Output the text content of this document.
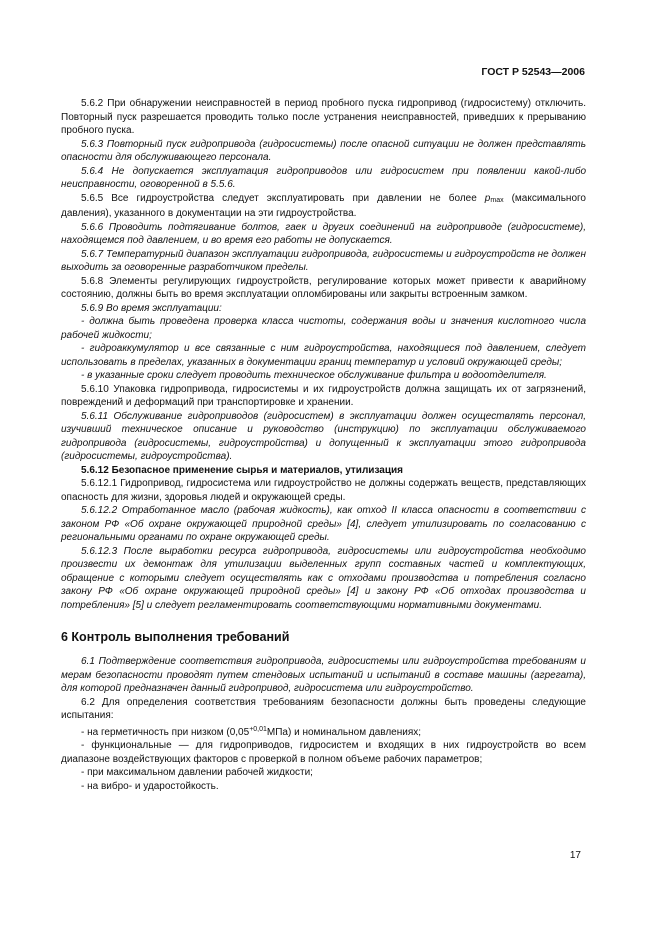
ГОСТ Р 52543—2006

5.6.2 При обнаружении неисправностей в период пробного пуска гидропривод (гидросистему) отключить. Повторный пуск разрешается проводить только после устранения неисправностей, приведших к прерыванию пробного пуска.

5.6.3 Повторный пуск гидропривода (гидросистемы) после опасной ситуации не должен представлять опасности для обслуживающего персонала.

5.6.4 Не допускается эксплуатация гидроприводов или гидросистем при появлении какой-либо неисправности, оговоренной в 5.5.6.

5.6.5 Все гидроустройства следует эксплуатировать при давлении не более pmax (максимального давления), указанного в документации на эти гидроустройства.

5.6.6 Проводить подтягивание болтов, гаек и других соединений на гидроприводе (гидросистеме), находящемся под давлением, и во время его работы не допускается.

5.6.7 Температурный диапазон эксплуатации гидропривода, гидросистемы и гидроустройств не должен выходить за оговоренные разработчиком пределы.

5.6.8 Элементы регулирующих гидроустройств, регулирование которых может привести к аварийному состоянию, должны быть во время эксплуатации опломбированы или закрыты встроенным замком.

5.6.9 Во время эксплуатации:

- должна быть проведена проверка класса чистоты, содержания воды и значения кислотного числа рабочей жидкости;

- гидроаккумулятор и все связанные с ним гидроустройства, находящиеся под давлением, следует использовать в пределах, указанных в документации границ температур и условий окружающей среды;

- в указанные сроки следует проводить техническое обслуживание фильтра и водоотделителя.

5.6.10 Упаковка гидропривода, гидросистемы и их гидроустройств должна защищать их от загрязнений, повреждений и деформаций при транспортировке и хранении.

5.6.11 Обслуживание гидроприводов (гидросистем) в эксплуатации должен осуществлять персонал, изучивший техническое описание и руководство (инструкцию) по эксплуатации обслуживаемого гидропривода (гидросистемы, гидроустройства) и допущенный к эксплуатации этого гидропривода (гидросистемы, гидроустройства).

5.6.12 Безопасное применение сырья и материалов, утилизация

5.6.12.1 Гидропривод, гидросистема или гидроустройство не должны содержать веществ, представляющих опасность для жизни, здоровья людей и окружающей среды.

5.6.12.2 Отработанное масло (рабочая жидкость), как отход II класса опасности в соответствии с законом РФ «Об охране окружающей природной среды» [4], следует утилизировать по согласованию с региональными органами по охране окружающей среды.

5.6.12.3 После выработки ресурса гидропривода, гидросистемы или гидроустройства необходимо произвести их демонтаж для утилизации выделенных групп составных частей и комплектующих, обращение с которыми следует осуществлять как с отходами производства и потребления согласно закону РФ «Об охране окружающей природной среды» [4] и закону РФ «Об отходах производства и потребления» [5] и следует регламентировать соответствующими нормативными документами.

6 Контроль выполнения требований

6.1 Подтверждение соответствия гидропривода, гидросистемы или гидроустройства требованиям и мерам безопасности проводят путем стендовых испытаний и испытаний в составе машины (агрегата), для которой предназначен данный гидропривод, гидросистема или гидроустройство.

6.2 Для определения соответствия требованиям безопасности должны быть проведены следующие испытания:

- на герметичность при низком $(0,05^{+0,01}МПа)$ и номинальном давлениях;

- функциональные — для гидроприводов, гидросистем и входящих в них гидроустройств во всем диапазоне воздействующих факторов с проверкой в полном объеме рабочих параметров;

- при максимальном давлении рабочей жидкости;

- на вибро- и ударостойкость.

17
